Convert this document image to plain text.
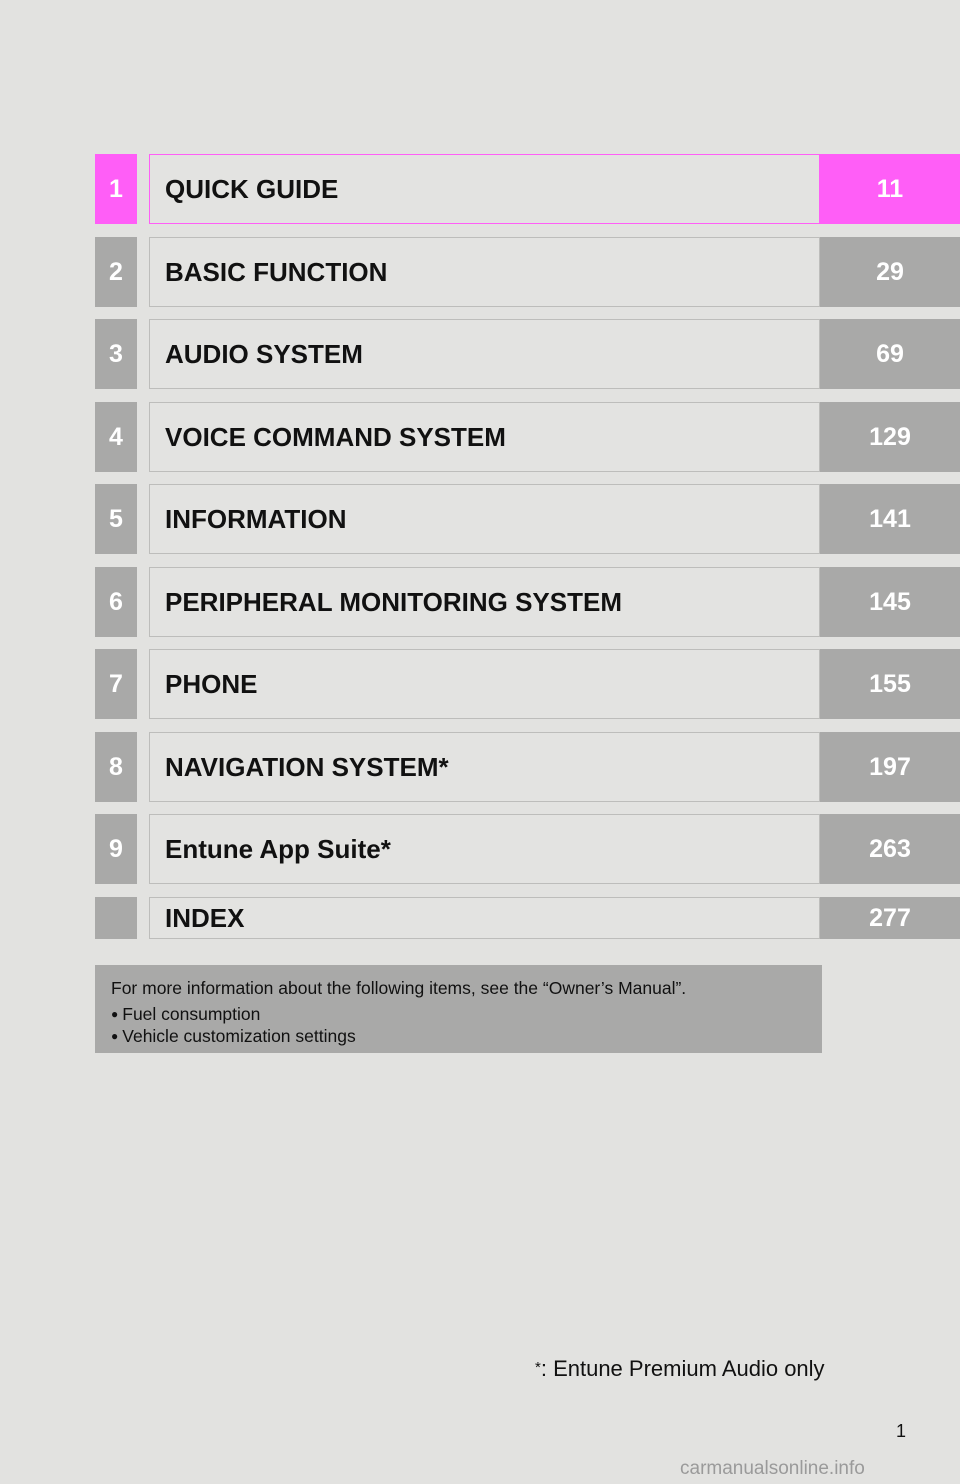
1	QUICK GUIDE	11
2	BASIC FUNCTION	29
3	AUDIO SYSTEM	69
4	VOICE COMMAND SYSTEM	129
5	INFORMATION	141
6	PERIPHERAL MONITORING SYSTEM	145
7	PHONE	155
8	NAVIGATION SYSTEM*	197
9	Entune App Suite*	263
INDEX	277
For more information about the following items, see the “Owner’s Manual”.
● Fuel consumption
● Vehicle customization settings
*: Entune Premium Audio only
1
carmanualsonline.info
